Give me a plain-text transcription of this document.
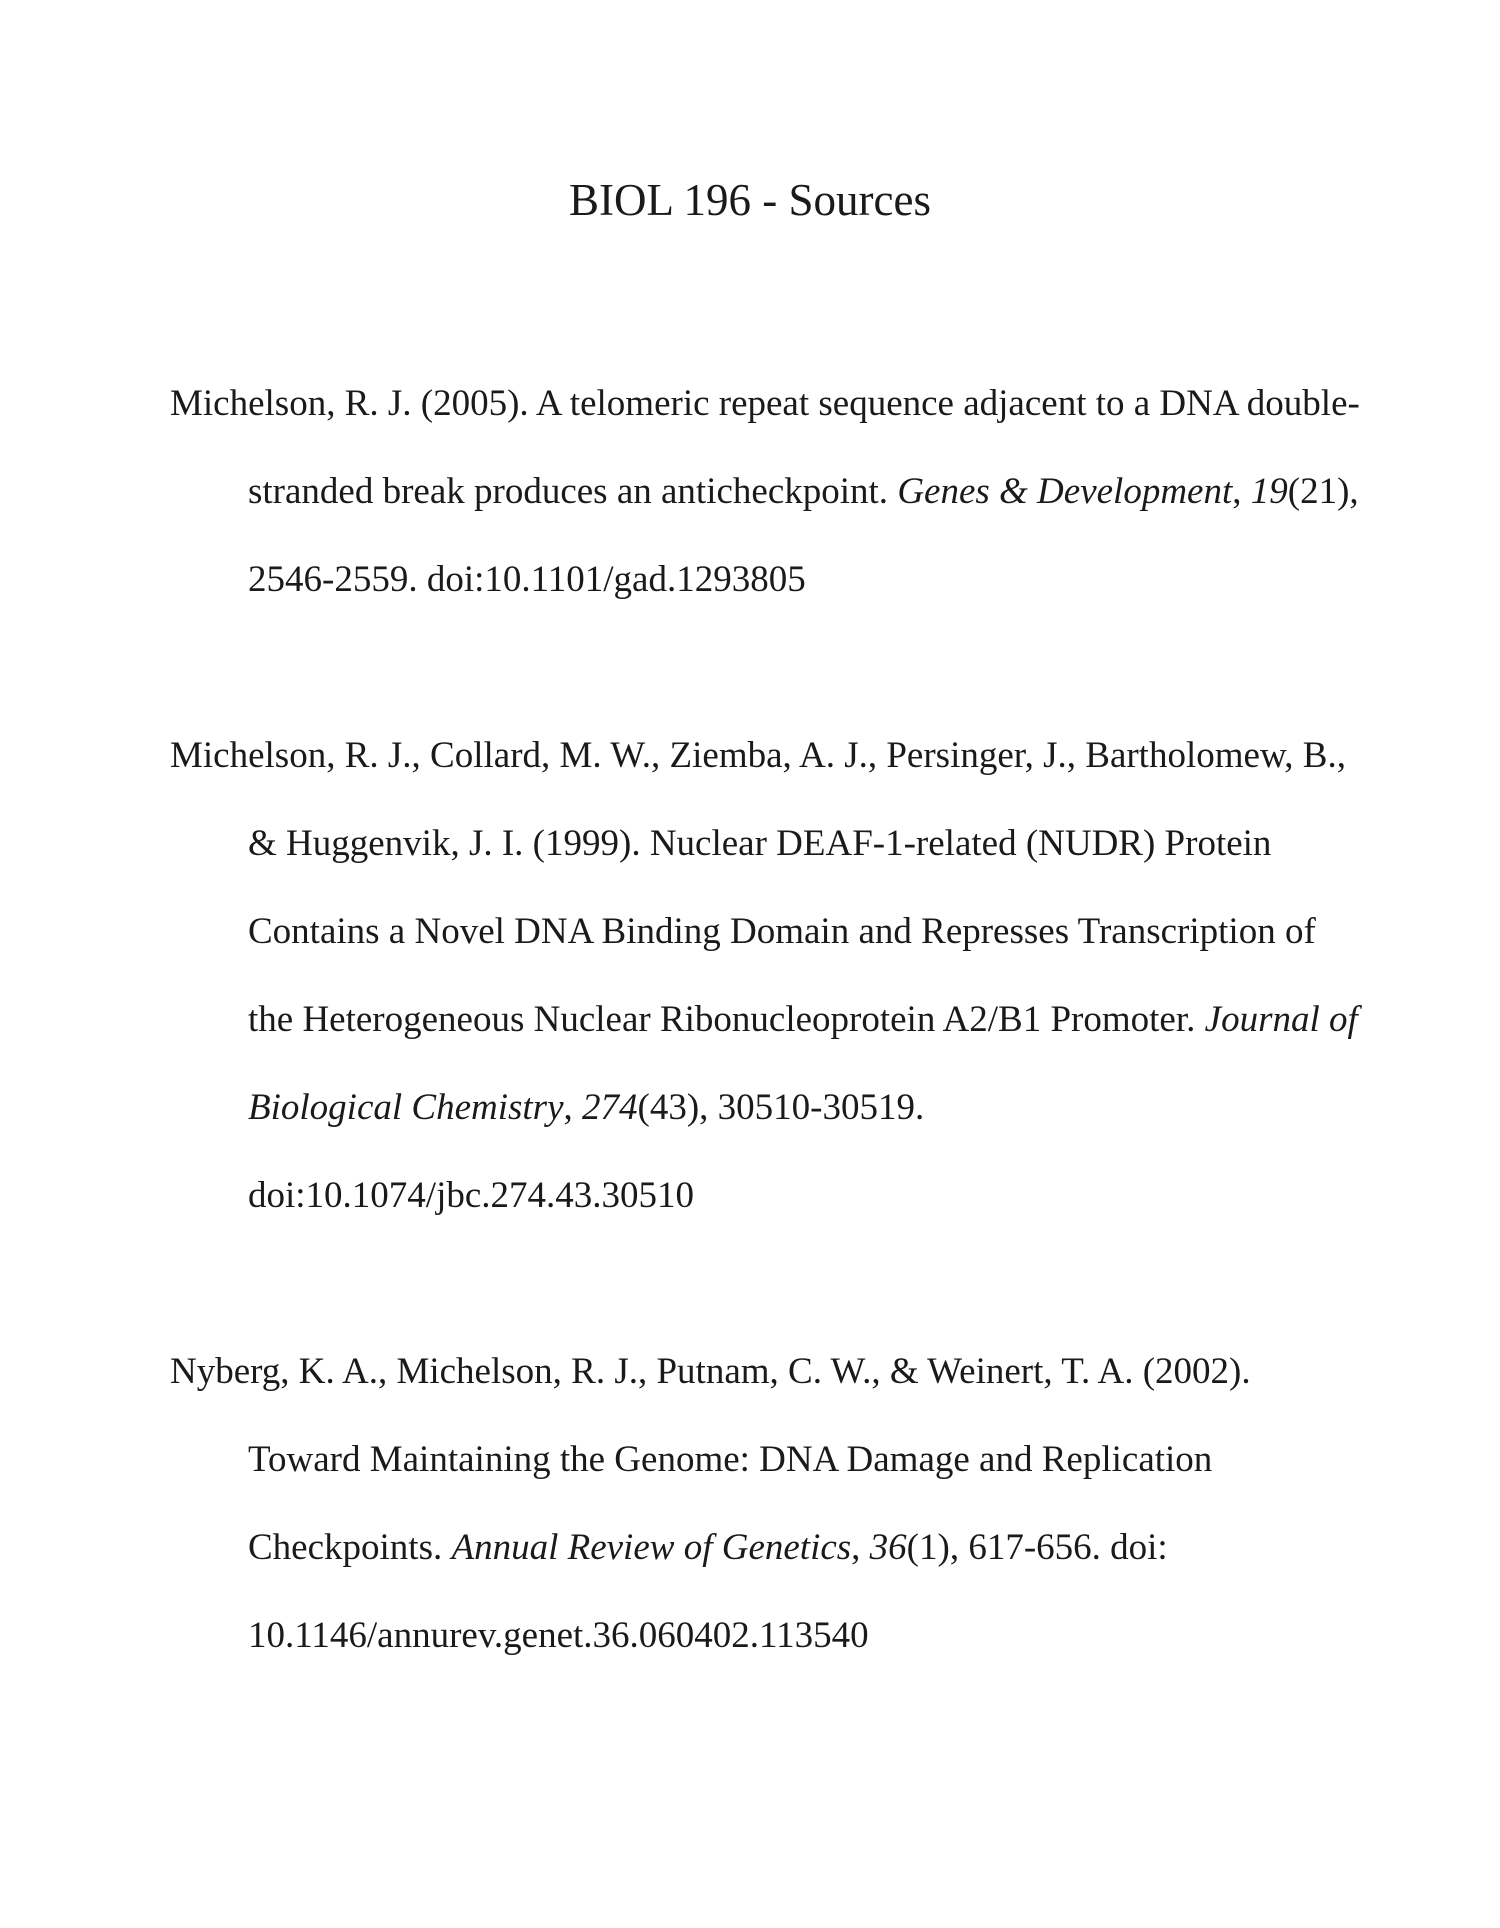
BIOL 196 - Sources

Michelson, R. J. (2005). A telomeric repeat sequence adjacent to a DNA double-stranded break produces an anticheckpoint. Genes & Development, 19(21), 2546-2559. doi:10.1101/gad.1293805

Michelson, R. J., Collard, M. W., Ziemba, A. J., Persinger, J., Bartholomew, B., & Huggenvik, J. I. (1999). Nuclear DEAF-1-related (NUDR) Protein Contains a Novel DNA Binding Domain and Represses Transcription of the Heterogeneous Nuclear Ribonucleoprotein A2/B1 Promoter. Journal of Biological Chemistry, 274(43), 30510-30519. doi:10.1074/jbc.274.43.30510

Nyberg, K. A., Michelson, R. J., Putnam, C. W., & Weinert, T. A. (2002). Toward Maintaining the Genome: DNA Damage and Replication Checkpoints. Annual Review of Genetics, 36(1), 617-656. doi: 10.1146/annurev.genet.36.060402.113540
